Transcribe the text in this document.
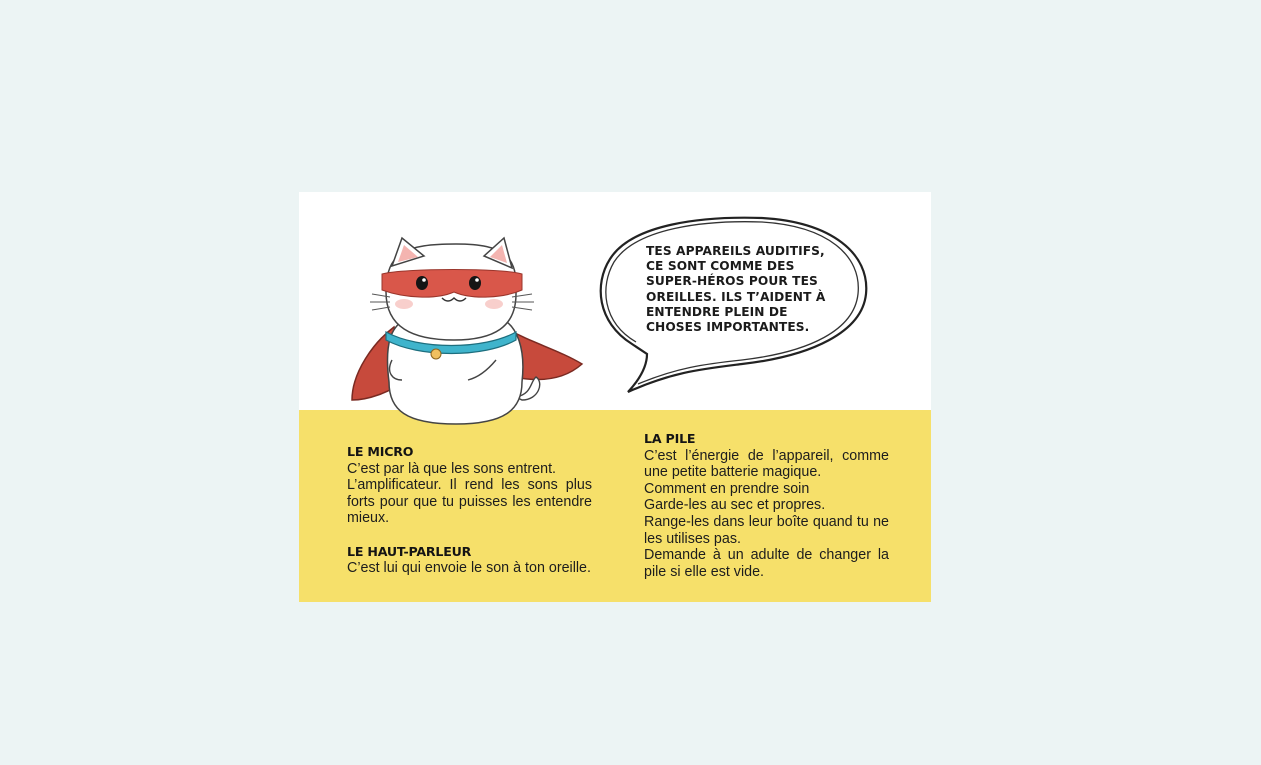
TES APPAREILS AUDITIFS, CE SONT COMME DES SUPER-HÉROS POUR TES OREILLES. ILS T’AIDENT À ENTENDRE PLEIN DE CHOSES IMPORTANTES.

LE MICRO

C’est par là que les sons entrent.

L’amplificateur. Il rend les sons plus forts pour que tu puisses les entendre mieux.

LE HAUT-PARLEUR

C’est lui qui envoie le son à ton oreille.

LA PILE

C’est l’énergie de l’appareil, comme une petite batterie magique.

Comment en prendre soin

Garde-les au sec et propres.

Range-les dans leur boîte quand tu ne les utilises pas.

Demande à un adulte de changer la pile si elle est vide.
